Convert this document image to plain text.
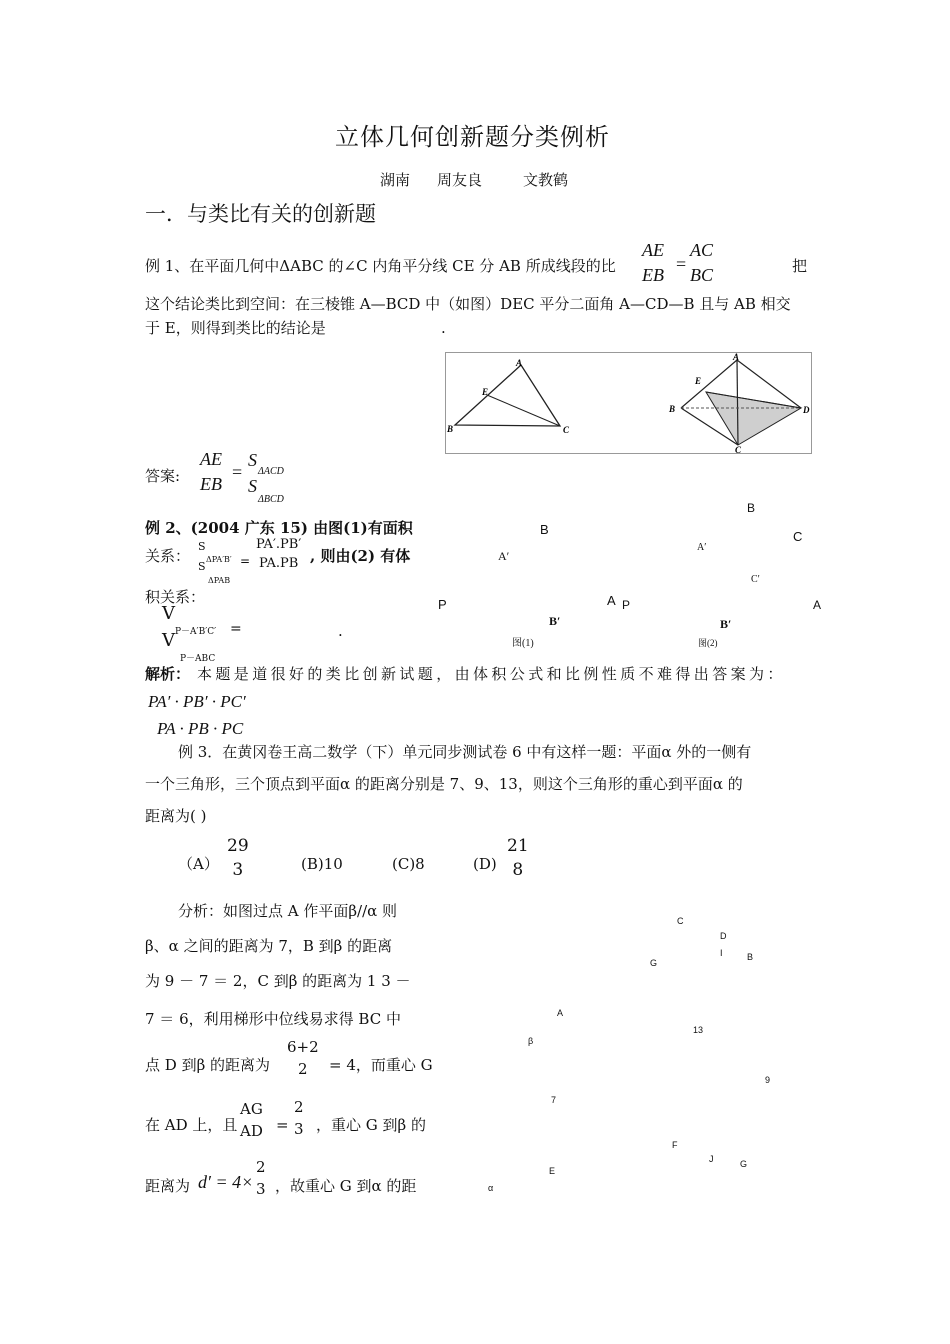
立体几何创新题分类例析
湖南 周友良	文教鹤
一．与类比有关的创新题
例 1、在平面几何中ΔABC 的∠C 内角平分线 CE 分 AB 所成线段的比
AE
EB
=
AC
BC	把
这个结论类比到空间：在三棱锥 A—BCD 中（如图）DEC 平分二面角 A—CD—B 且与 AB 相交
于 E，则得到类比的结论是	.
A
E
B	C
A
E
B	D
C
答案:
AE
EB
=
S
ΔACD
S
ΔBCD
例 2、(2004 广东 15) 由图(1)有面积
关系：
S
ΔPA′B′ =
S
ΔPAB
PA′.PB′
PA.PB , 则由(2) 有体
积关系：
V
P－A′B′C′ =
V
P－ABC
.
B
A′
P	A
B′
图(1)
B
A′
C
C′
P	A
B′
图(2)
解析： 本题是道很好的类比创新试题，由体积公式和比例性质不难得出答案为：
PA′ · PB′ · PC′
PA · PB · PC
例 3．在黄冈卷王高二数学（下）单元同步测试卷 6 中有这样一题：平面α 外的一侧有
一个三角形，三个顶点到平面α 的距离分别是 7、9、13，则这个三角形的重心到平面α 的
距离为( )
（A）
29
3	(B)10	(C)8	(D)
21
8
分析：如图过点 A 作平面β//α 则
β、α 之间的距离为 7，B 到β 的距离
为 9 － 7 ＝ 2，C 到β 的距离为 1 3 －
7 ＝ 6，利用梯形中位线易求得 BC 中
点 D 到β 的距离为
6+2
2	= 4，而重心 G
在 AD 上，且
AG
AD =
2
3 ，重心 G 到β 的
距离为 d′ = 4×
2
3 ，故重心 G 到α 的距
C
D
I	B
G
A
13
β
9
7
F
J	G
E
α
